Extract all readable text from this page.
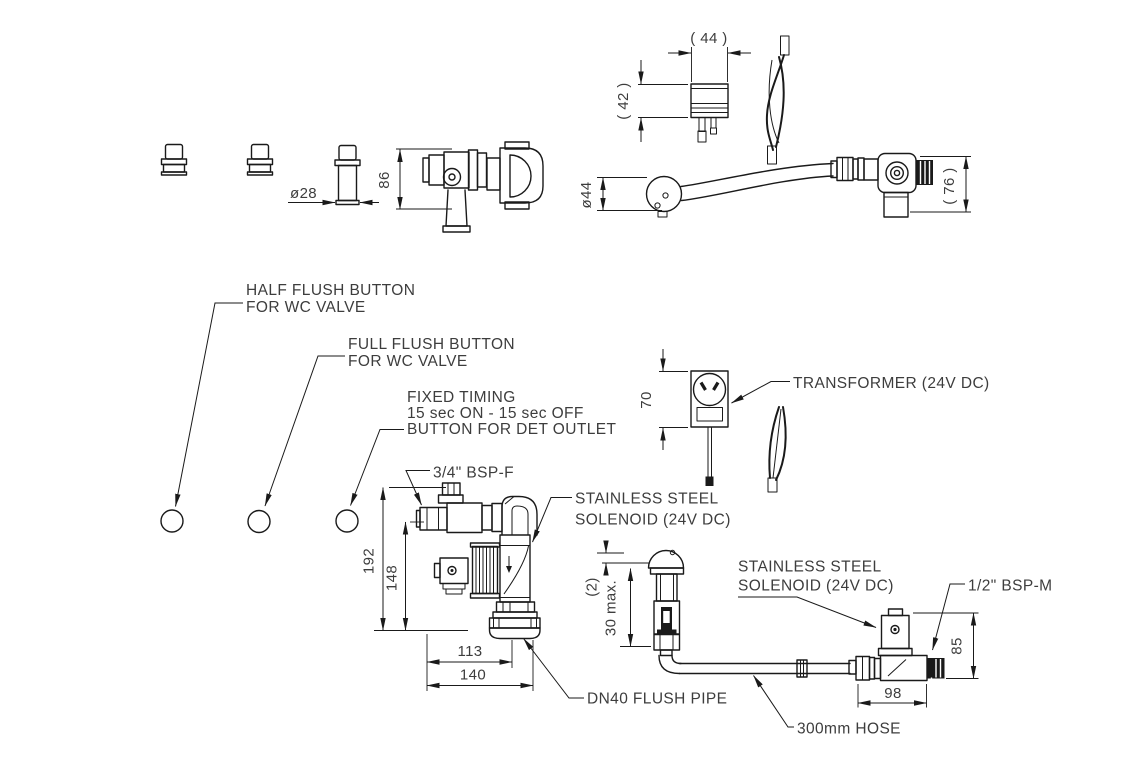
ø28
86
( 44 )
( 42 )
ø44	( 76 )
HALF FLUSH BUTTON
FOR WC VALVE
FULL FLUSH BUTTON
FOR WC VALVE
FIXED TIMING
15 sec ON - 15 sec OFF
BUTTON FOR DET OUTLET
70
TRANSFORMER (24V DC)
192
148
113
140
3/4" BSP-F
STAINLESS STEEL
SOLENOID (24V DC)
DN40 FLUSH PIPE
(2) 30 max.
85
98
STAINLESS STEEL
SOLENOID (24V DC)	1/2" BSP-M
300mm HOSE
